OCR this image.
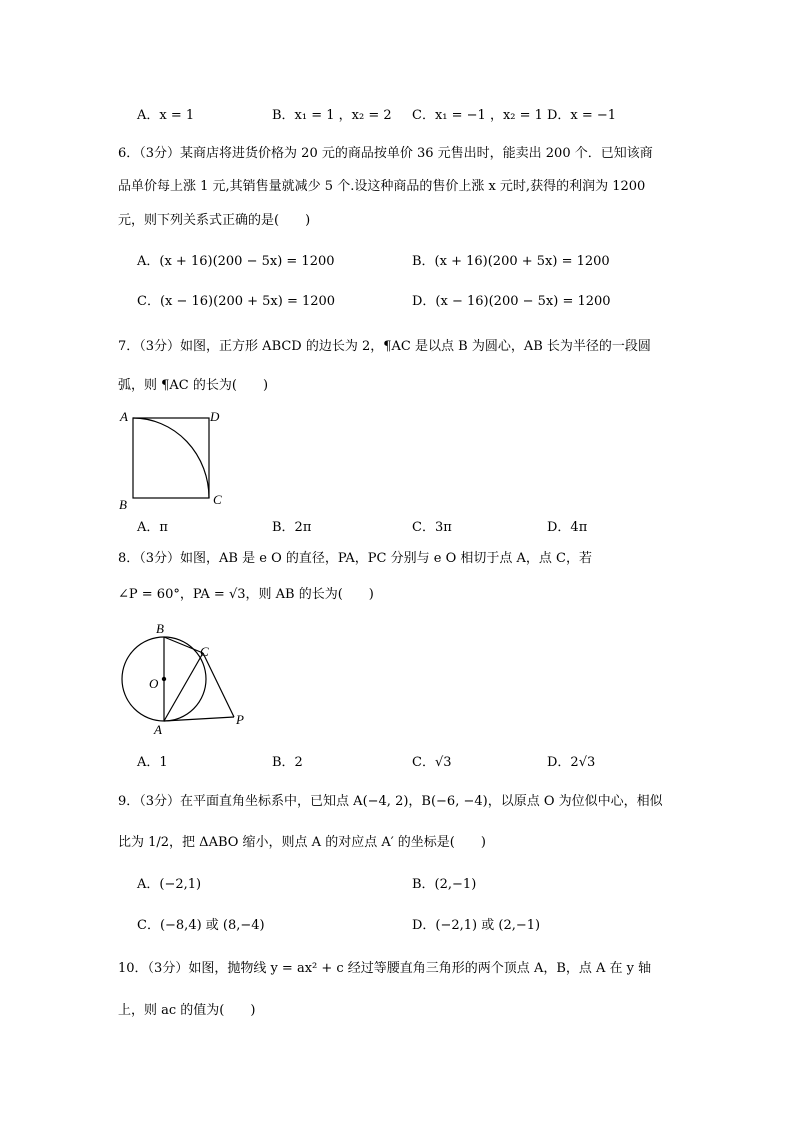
A．x = 1	B．x₁ = 1 ，x₂ = 2 C．x₁ = −1 ，x₂ = 1 D．x = −1
6．（3分）某商店将进货价格为 20 元的商品按单价 36 元售出时，能卖出 200 个．已知该商
品单价每上涨 1 元,其销售量就减少 5 个.设这种商品的售价上涨 x 元时,获得的利润为 1200
元，则下列关系式正确的是(　　)
A．(x + 16)(200 − 5x) = 1200	B．(x + 16)(200 + 5x) = 1200
C．(x − 16)(200 + 5x) = 1200	D．(x − 16)(200 − 5x) = 1200
7．（3分）如图，正方形 ABCD 的边长为 2，¶AC 是以点 B 为圆心，AB 长为半径的一段圆
弧，则 ¶AC 的长为(　　)
A	D
B	C
A．π	B．2π	C．3π	D．4π
8．（3分）如图，AB 是 e O 的直径，PA，PC 分别与 e O 相切于点 A，点 C，若
∠P = 60°，PA = √3，则 AB 的长为(　　)
B
C
O
A
P
A．1	B．2	C．√3	D．2√3
9．（3分）在平面直角坐标系中，已知点 A(−4, 2)，B(−6, −4)，以原点 O 为位似中心，相似
比为 1/2，把 ΔABO 缩小，则点 A 的对应点 A′ 的坐标是(　　)
A．(−2,1)	B．(2,−1)
C．(−8,4) 或 (8,−4)	D．(−2,1) 或 (2,−1)
10．（3分）如图，抛物线 y = ax² + c 经过等腰直角三角形的两个顶点 A，B，点 A 在 y 轴
上，则 ac 的值为(　　)
